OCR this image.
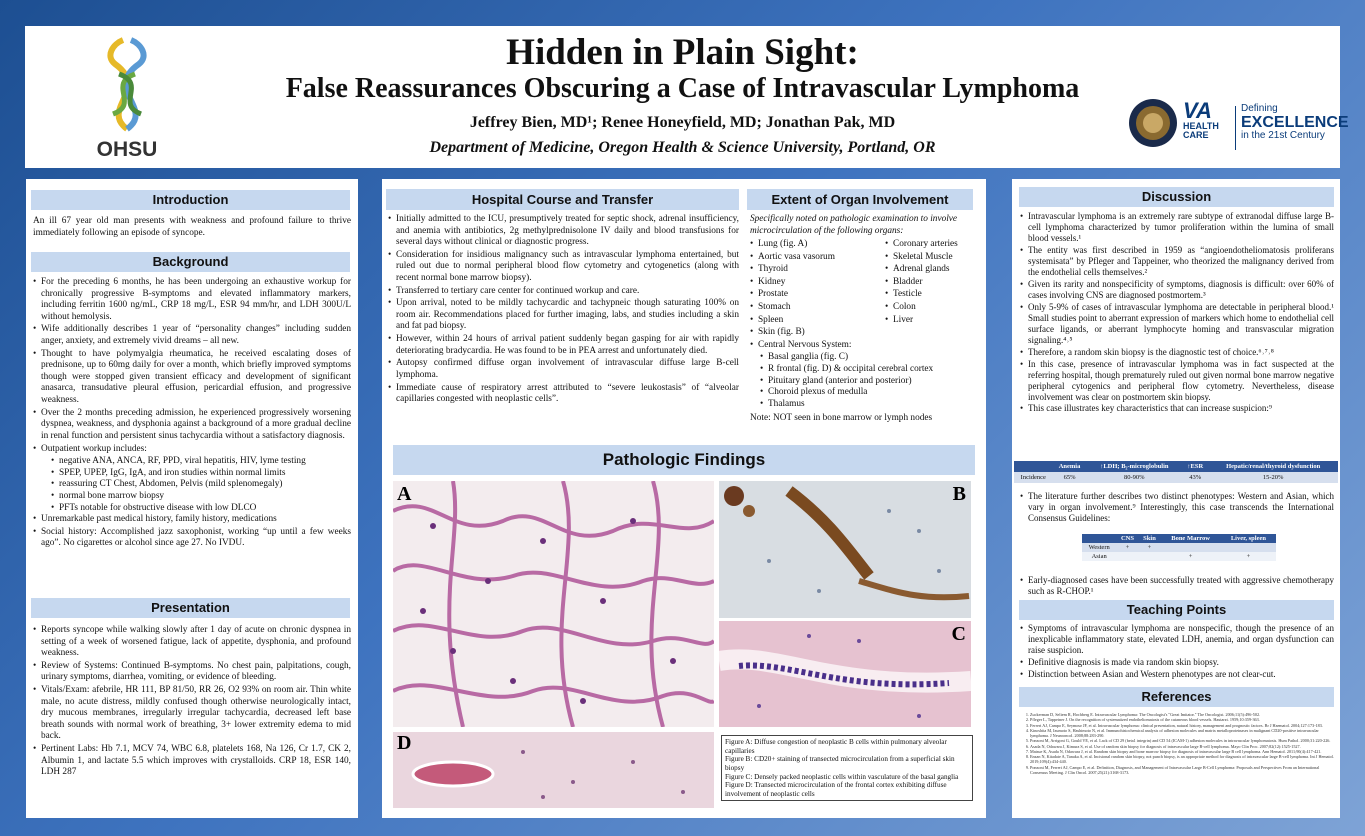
OHSU
Hidden in Plain Sight:
False Reassurances Obscuring a Case of Intravascular Lymphoma
Jeffrey Bien, MD¹; Renee Honeyfield, MD; Jonathan Pak, MD
Department of Medicine, Oregon Health & Science University, Portland, OR
VA
HEALTH
CARE
Defining
EXCELLENCE
in the 21st Century
Introduction
An ill 67 year old man presents with weakness and profound failure to thrive immediately following an episode of syncope.
Background
• For the preceding 6 months, he has been undergoing an exhaustive workup for chronically progressive B-symptoms and elevated inflammatory markers, including ferritin 1600 ng/mL, CRP 18 mg/L, ESR 94 mm/hr, and LDH 300U/L without hemolysis.
• Wife additionally describes 1 year of “personality changes” including sudden anger, anxiety, and extremely vivid dreams – all new.
• Thought to have polymyalgia rheumatica, he received escalating doses of prednisone, up to 60mg daily for over a month, which briefly improved symptoms though were stopped given transient efficacy and development of significant anasarca, transudative pleural effusion, pericardial effusion, and progressive weakness.
• Over the 2 months preceding admission, he experienced progressively worsening dyspnea, weakness, and dysphonia against a background of a more gradual decline in renal function and persistent sinus tachycardia without a satisfactory diagnosis.
• Outpatient workup includes:
• negative ANA, ANCA, RF, PPD, viral hepatitis, HIV, lyme testing
• SPEP, UPEP, IgG, IgA, and iron studies within normal limits
• reassuring CT Chest, Abdomen, Pelvis (mild splenomegaly)
• normal bone marrow biopsy
• PFTs notable for obstructive disease with low DLCO
• Unremarkable past medical history, family history, medications
• Social history: Accomplished jazz saxophonist, working “up until a few weeks ago”. No cigarettes or alcohol since age 27. No IVDU.
Presentation
• Reports syncope while walking slowly after 1 day of acute on chronic dyspnea in setting of a week of worsened fatigue, lack of appetite, dysphonia, and profound weakness.
• Review of Systems: Continued B-symptoms. No chest pain, palpitations, cough, urinary symptoms, diarrhea, vomiting, or evidence of bleeding.
• Vitals/Exam: afebrile, HR 111, BP 81/50, RR 26, O2 93% on room air. Thin white male, no acute distress, mildly confused though otherwise neurologically intact, dry mucous membranes, irregularly irregular tachycardia, decreased left base breath sounds with normal work of breathing, 3+ lower extremity edema to mid back.
• Pertinent Labs: Hb 7.1, MCV 74, WBC 6.8, platelets 168, Na 126, Cr 1.7, CK 2, Albumin 1, and lactate 5.5 which improves with crystalloids. CRP 18, ESR 140, LDH 287
Hospital Course and Transfer
• Initially admitted to the ICU, presumptively treated for septic shock, adrenal insufficiency, and anemia with antibiotics, 2g methylprednisolone IV daily and blood transfusions for several days without clinical or diagnostic progress.
• Consideration for insidious malignancy such as intravascular lymphoma entertained, but ruled out due to normal peripheral blood flow cytometry and cytogenetics (along with recent normal bone marrow biopsy).
• Transferred to tertiary care center for continued workup and care.
• Upon arrival, noted to be mildly tachycardic and tachypneic though saturating 100% on room air. Recommendations placed for further imaging, labs, and studies including a skin and fat pad biopsy.
• However, within 24 hours of arrival patient suddenly began gasping for air with rapidly deteriorating bradycardia. He was found to be in PEA arrest and unfortunately died.
• Autopsy confirmed diffuse organ involvement of intravascular diffuse large B-cell lymphoma.
• Immediate cause of respiratory arrest attributed to “severe leukostasis” of “alveolar capillaries congested with neoplastic cells”.
Extent of Organ Involvement
Specifically noted on pathologic examination to involve microcirculation of the following organs:
• Lung (fig. A)
• Aortic vasa vasorum
• Thyroid
• Kidney
• Prostate
• Stomach
• Spleen
• Skin (fig. B)
• Central Nervous System:
• Basal ganglia (fig. C)
• R frontal (fig. D) & occipital cerebral cortex
• Pituitary gland (anterior and posterior)
• Choroid plexus of medulla
• Thalamus
Note: NOT seen in bone marrow or lymph nodes
• Coronary arteries
• Skeletal Muscle
• Adrenal glands
• Bladder
• Testicle
• Colon
• Liver
Pathologic Findings
A	B
C
D	Figure A: Diffuse congestion of neoplastic B cells within pulmonary alveolar capillaries
Figure B: CD20+ staining of transected microcirculation from a superficial skin biopsy
Figure C: Densely packed neoplastic cells within vasculature of the basal ganglia
Figure D: Transected microcirculation of the frontal cortex exhibiting diffuse involvement of neoplastic cells
Discussion
• Intravascular lymphoma is an extremely rare subtype of extranodal diffuse large B-cell lymphoma characterized by tumor proliferation within the lumina of small blood vessels.¹
• The entity was first described in 1959 as “angioendotheliomatosis proliferans systemisata” by Pfleger and Tappeiner, who theorized the malignancy derived from the endothelial cells themselves.²
• Given its rarity and nonspecificity of symptoms, diagnosis is difficult: over 60% of cases involving CNS are diagnosed postmortem.³
• Only 5-9% of cases of intravascular lymphoma are detectable in peripheral blood.¹ Small studies point to aberrant expression of markers which home to endothelial cell surface ligands, or aberrant lymphocyte homing and transvascular migration signaling.⁴˒⁵
• Therefore, a random skin biopsy is the diagnostic test of choice.⁶˒⁷˒⁸
• In this case, presence of intravascular lymphoma was in fact suspected at the referring hospital, though prematurely ruled out given normal bone marrow negative peripheral cytogenics and peripheral flow cytometry. Nevertheless, disease involvement was clear on postmortem skin biopsy.
• This case illustrates key characteristics that can increase suspicion:⁹
	Anemia	↑LDH; B₂-microglobulin	↑ESR	Hepatic/renal/thyroid dysfunction
Incidence	65%	80-90%	43%	15-20%
• The literature further describes two distinct phenotypes: Western and Asian, which vary in organ involvement.⁹ Interestingly, this case transcends the International Consensus Guidelines:
	CNS	Skin	Bone Marrow	Liver, spleen
Western	+	+		
Asian			+	+
• Early-diagnosed cases have been successfully treated with aggressive chemotherapy such as R-CHOP.¹
Teaching Points
• Symptoms of intravascular lymphoma are nonspecific, though the presence of an inexplicable inflammatory state, elevated LDH, anemia, and organ dysfunction can raise suspicion.
• Definitive diagnosis is made via random skin biopsy.
• Distinction between Asian and Western phenotypes are not clear-cut.
References
1. Zuckerman D, Seliem R, Hochberg E. Intravascular Lymphoma: The Oncologist's "Great Imitator." The Oncologist. 2006;11(5):496-502.
2. Pfleger L, Tappeiner J. On the recognition of systematized endotheliomatosis of the cutaneous blood vessels. Hautarzt. 1959;10:359-363.
3. Ferreri AJ, Campo E, Seymour JF, et al. Intravascular lymphoma: clinical presentation, natural history, management and prognostic factors. Br J Haematol. 2004;127:173-183.
4. Kinoshita M, Izumoto S, Hashimoto N, et al. Immunohistochemical analysis of adhesion molecules and matrix metalloproteinases in malignant CD20-positive intravascular lymphoma. J Neurooncol. 2008;88:283-290.
5. Ponzoni M, Arrigoni G, Gould VE, et al. Lack of CD 29 (beta1 integrin) and CD 54 (ICAM-1) adhesion molecules in intravascular lymphomatosis. Hum Pathol. 2000;31:220-226.
6. Asada N, Odawara J, Kimura S, et al. Use of random skin biopsy for diagnosis of intravascular large B-cell lymphoma. Mayo Clin Proc. 2007;82(12):1525-1527.
7. Matsue K, Asada N, Odawara J, et al. Random skin biopsy and bone marrow biopsy for diagnosis of intravascular large B cell lymphoma. Ann Hematol. 2011;90(4):417-421.
8. Enzan N, Kitadate A, Tanaka A, et al. Incisional random skin biopsy, not punch biopsy, is an appropriate method for diagnosis of intravascular large B-cell lymphoma. Int J Hematol. 2019;109(4):434-440.
9. Ponzoni M, Ferreri AJ, Campo E, et al. Definition, Diagnosis, and Management of Intravascular Large B-Cell Lymphoma: Proposals and Perspectives From an International Consensus Meeting. J Clin Oncol. 2007;25(21):3168-3173.
